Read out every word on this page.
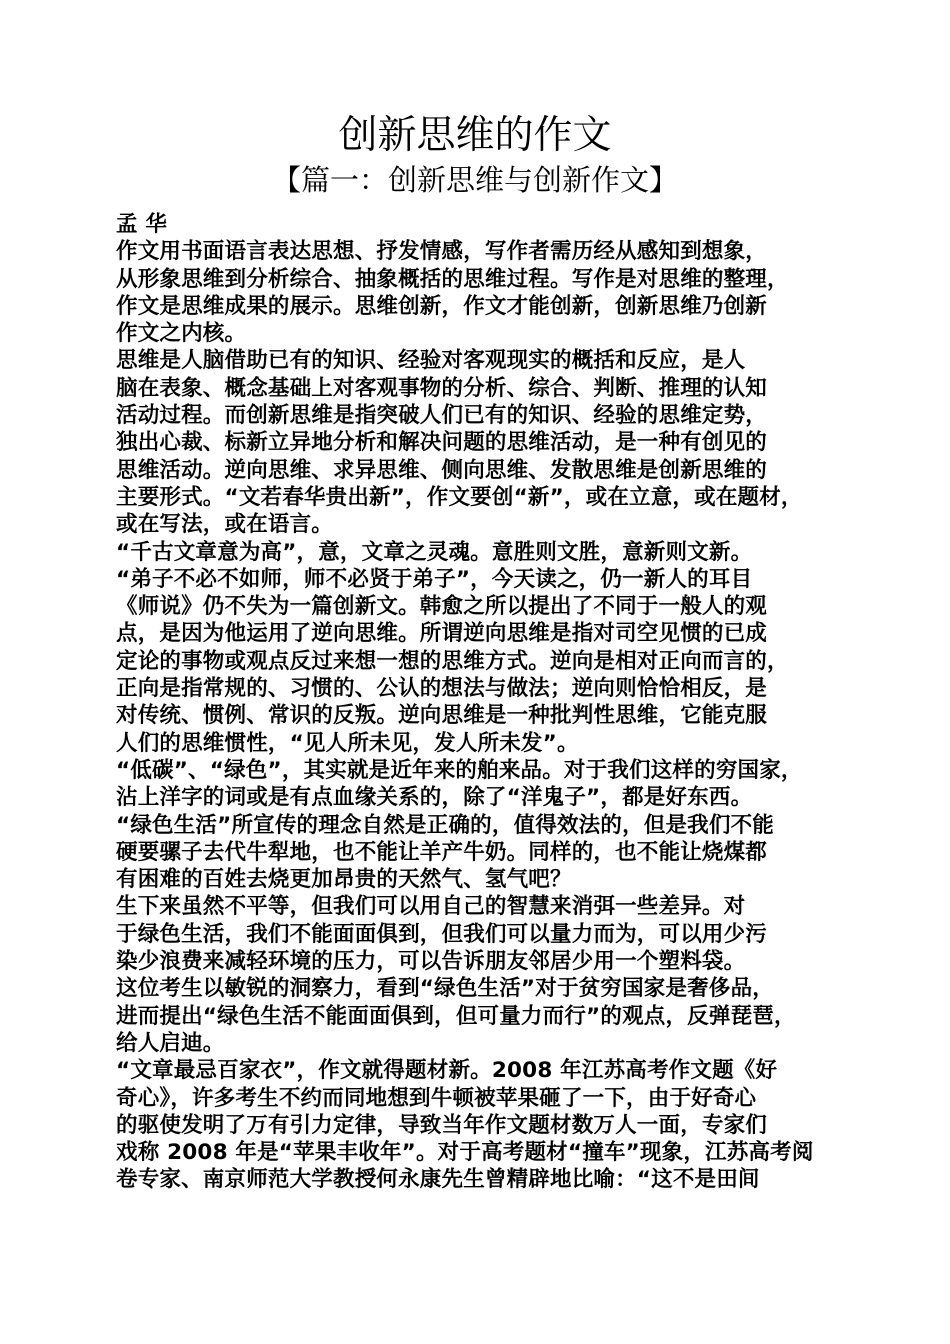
创新思维的作文
【篇一：创新思维与创新作文】
孟 华
作文用书面语言表达思想、抒发情感，写作者需历经从感知到想象，
从形象思维到分析综合、抽象概括的思维过程。写作是对思维的整理，
作文是思维成果的展示。思维创新，作文才能创新，创新思维乃创新
作文之内核。
思维是人脑借助已有的知识、经验对客观现实的概括和反应，是人
脑在表象、概念基础上对客观事物的分析、综合、判断、推理的认知
活动过程。而创新思维是指突破人们已有的知识、经验的思维定势，
独出心裁、标新立异地分析和解决问题的思维活动，是一种有创见的
思维活动。逆向思维、求异思维、侧向思维、发散思维是创新思维的
主要形式。“文若春华贵出新”，作文要创“新”，或在立意，或在题材，
或在写法，或在语言。
“千古文章意为高”，意，文章之灵魂。意胜则文胜，意新则文新。
“弟子不必不如师，师不必贤于弟子”，今天读之，仍一新人的耳目
《师说》仍不失为一篇创新文。韩愈之所以提出了不同于一般人的观
点，是因为他运用了逆向思维。所谓逆向思维是指对司空见惯的已成
定论的事物或观点反过来想一想的思维方式。逆向是相对正向而言的，
正向是指常规的、习惯的、公认的想法与做法；逆向则恰恰相反，是
对传统、惯例、常识的反叛。逆向思维是一种批判性思维，它能克服
人们的思维惯性，“见人所未见，发人所未发”。
“低碳”、“绿色”，其实就是近年来的舶来品。对于我们这样的穷国家，
沾上洋字的词或是有点血缘关系的，除了“洋鬼子”，都是好东西。
“绿色生活”所宣传的理念自然是正确的，值得效法的，但是我们不能
硬要骡子去代牛犁地，也不能让羊产牛奶。同样的，也不能让烧煤都
有困难的百姓去烧更加昂贵的天然气、氢气吧？
生下来虽然不平等，但我们可以用自己的智慧来消弭一些差异。对
于绿色生活，我们不能面面俱到，但我们可以量力而为，可以用少污
染少浪费来减轻环境的压力，可以告诉朋友邻居少用一个塑料袋。
这位考生以敏锐的洞察力，看到“绿色生活”对于贫穷国家是奢侈品，
进而提出“绿色生活不能面面俱到，但可量力而行”的观点，反弹琵琶，
给人启迪。
“文章最忌百家衣”，作文就得题材新。2008 年江苏高考作文题《好
奇心》，许多考生不约而同地想到牛顿被苹果砸了一下，由于好奇心
的驱使发明了万有引力定律，导致当年作文题材数万人一面，专家们
戏称 2008 年是“苹果丰收年”。对于高考题材“撞车”现象，江苏高考阅
卷专家、南京师范大学教授何永康先生曾精辟地比喻：“这不是田间
